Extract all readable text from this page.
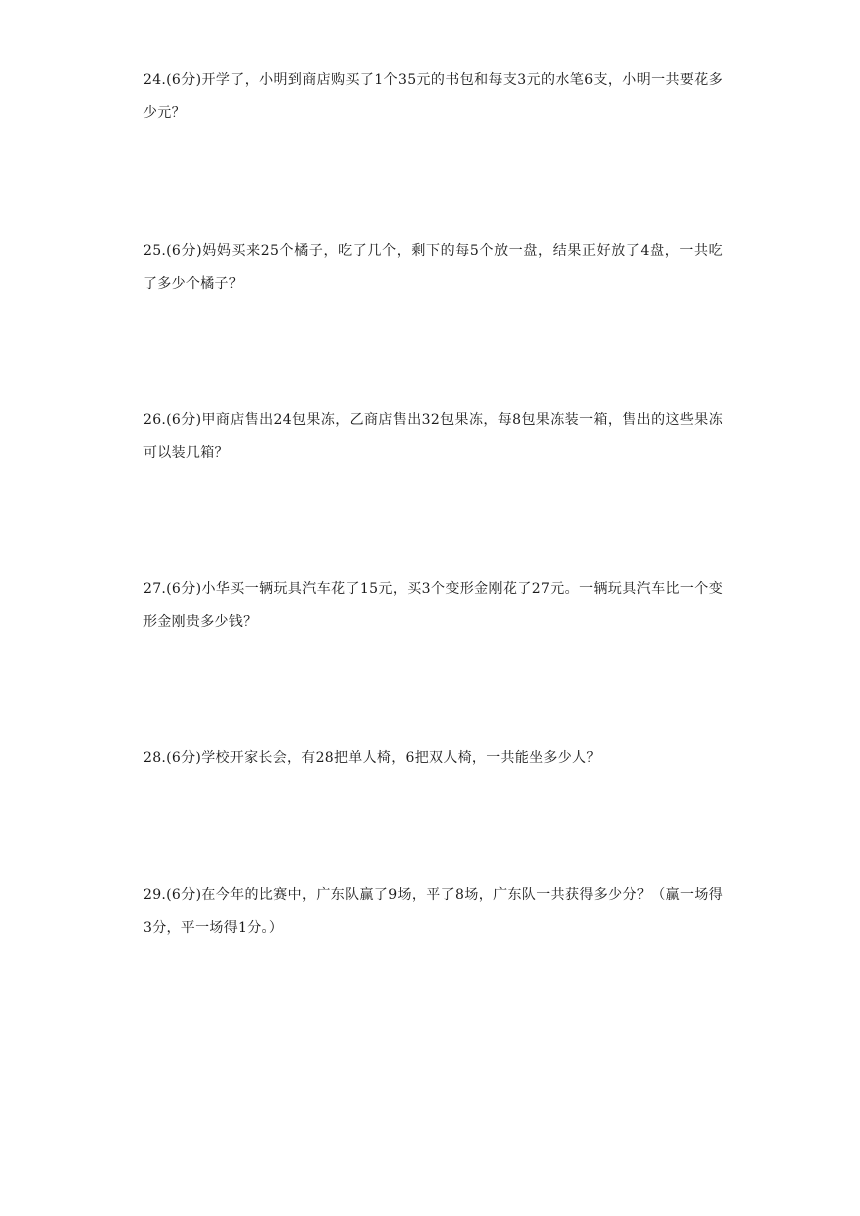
24.(6分)开学了，小明到商店购买了1个35元的书包和每支3元的水笔6支，小明一共要花多少元？
25.(6分)妈妈买来25个橘子，吃了几个，剩下的每5个放一盘，结果正好放了4盘，一共吃了多少个橘子？
26.(6分)甲商店售出24包果冻，乙商店售出32包果冻，每8包果冻装一箱，售出的这些果冻可以装几箱？
27.(6分)小华买一辆玩具汽车花了15元，买3个变形金刚花了27元。一辆玩具汽车比一个变形金刚贵多少钱？
28.(6分)学校开家长会，有28把单人椅，6把双人椅，一共能坐多少人？
29.(6分)在今年的比赛中，广东队赢了9场，平了8场，广东队一共获得多少分？（赢一场得3分，平一场得1分。）
